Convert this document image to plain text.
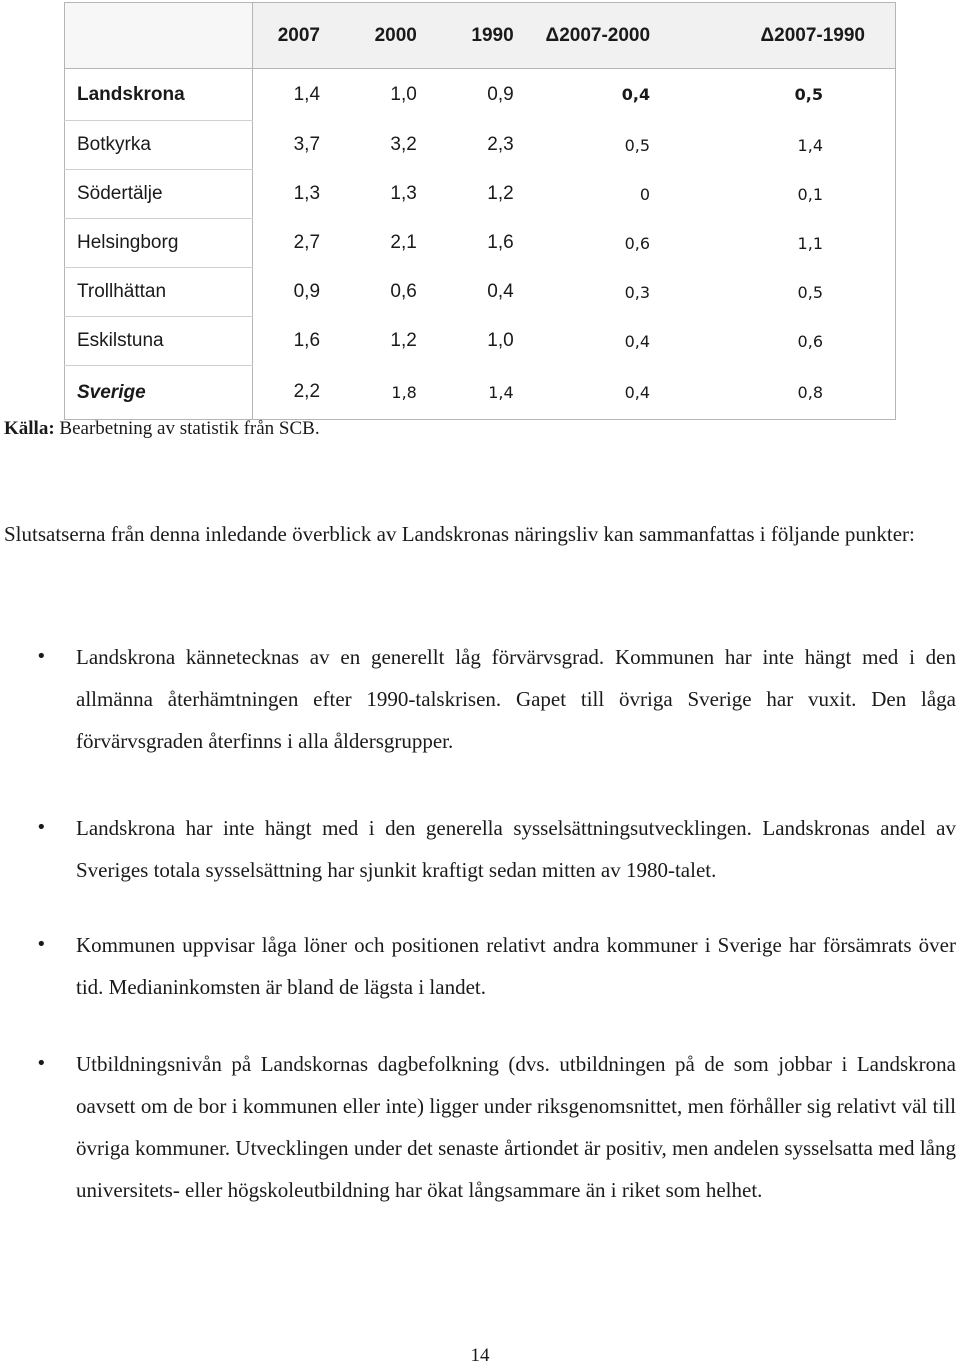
	2007	2000	1990	Δ2007-2000	Δ2007-1990
Landskrona	1,4	1,0	0,9	0,4	0,5
Botkyrka	3,7	3,2	2,3	0,5	1,4
Södertälje	1,3	1,3	1,2	0	0,1
Helsingborg	2,7	2,1	1,6	0,6	1,1
Trollhättan	0,9	0,6	0,4	0,3	0,5
Eskilstuna	1,6	1,2	1,0	0,4	0,6
Sverige	2,2	1,8	1,4	0,4	0,8
Källa: Bearbetning av statistik från SCB.

Slutsatserna från denna inledande överblick av Landskronas näringsliv kan sammanfattas i följande punkter:

• Landskrona kännetecknas av en generellt låg förvärvsgrad. Kommunen har inte hängt med i den allmänna återhämtningen efter 1990-talskrisen. Gapet till övriga Sverige har vuxit. Den låga förvärvsgraden återfinns i alla åldersgrupper.
• Landskrona har inte hängt med i den generella sysselsättningsutvecklingen. Landskronas andel av Sveriges totala sysselsättning har sjunkit kraftigt sedan mitten av 1980-talet.
• Kommunen uppvisar låga löner och positionen relativt andra kommuner i Sverige har försämrats över tid. Medianinkomsten är bland de lägsta i landet.
• Utbildningsnivån på Landskornas dagbefolkning (dvs. utbildningen på de som jobbar i Landskrona oavsett om de bor i kommunen eller inte) ligger under riksgenomsnittet, men förhåller sig relativt väl till övriga kommuner. Utvecklingen under det senaste årtiondet är positiv, men andelen sysselsatta med lång universitets- eller högskoleutbildning har ökat långsammare än i riket som helhet.
14
